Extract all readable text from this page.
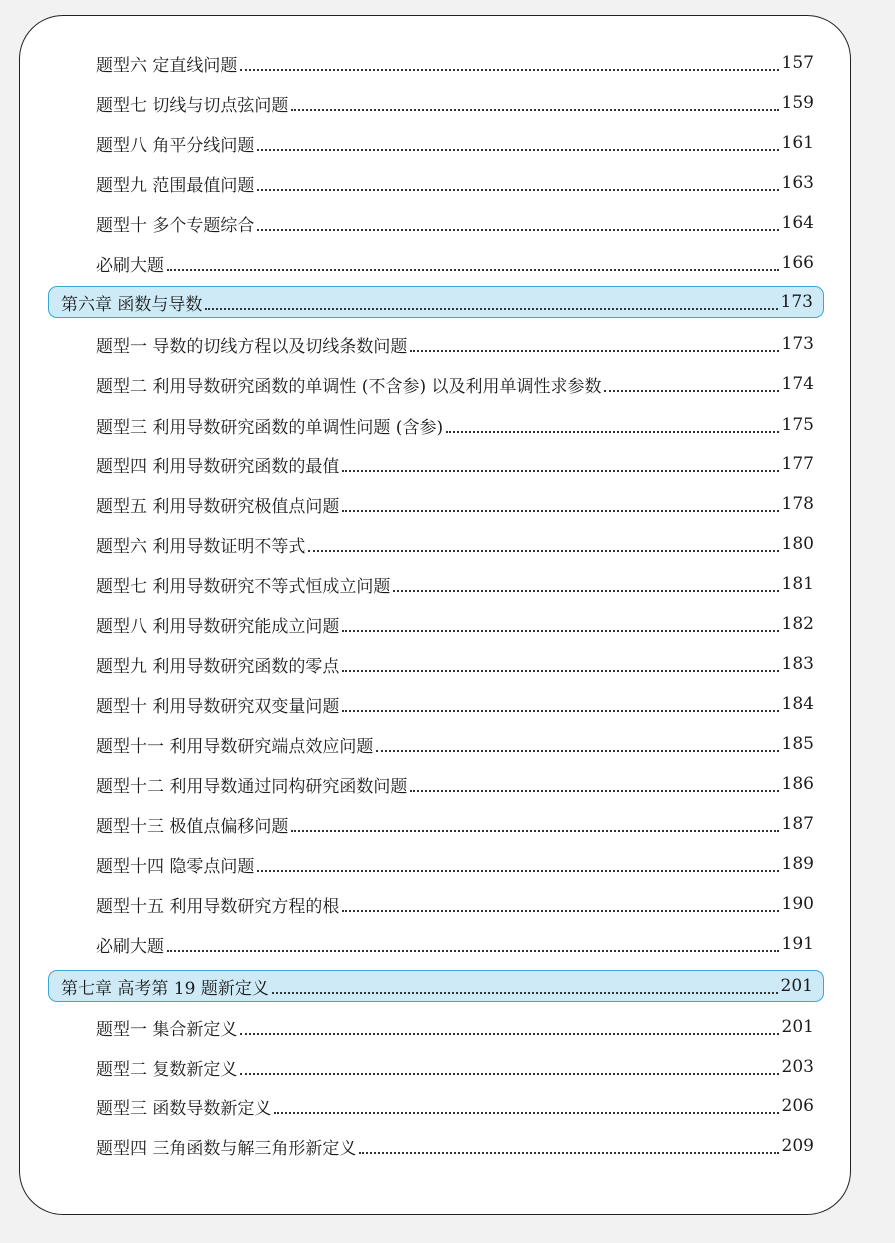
题型六 定直线问题	157
题型七 切线与切点弦问题	159
题型八 角平分线问题	161
题型九 范围最值问题	163
题型十 多个专题综合	164
必刷大题	166
第六章 函数与导数	173
题型一 导数的切线方程以及切线条数问题	173
题型二 利用导数研究函数的单调性 (不含参) 以及利用单调性求参数	174
题型三 利用导数研究函数的单调性问题 (含参)	175
题型四 利用导数研究函数的最值	177
题型五 利用导数研究极值点问题	178
题型六 利用导数证明不等式	180
题型七 利用导数研究不等式恒成立问题	181
题型八 利用导数研究能成立问题	182
题型九 利用导数研究函数的零点	183
题型十 利用导数研究双变量问题	184
题型十一 利用导数研究端点效应问题	185
题型十二 利用导数通过同构研究函数问题	186
题型十三 极值点偏移问题	187
题型十四 隐零点问题	189
题型十五 利用导数研究方程的根	190
必刷大题	191
第七章 高考第 19 题新定义	201
题型一 集合新定义	201
题型二 复数新定义	203
题型三 函数导数新定义	206
题型四 三角函数与解三角形新定义	209
